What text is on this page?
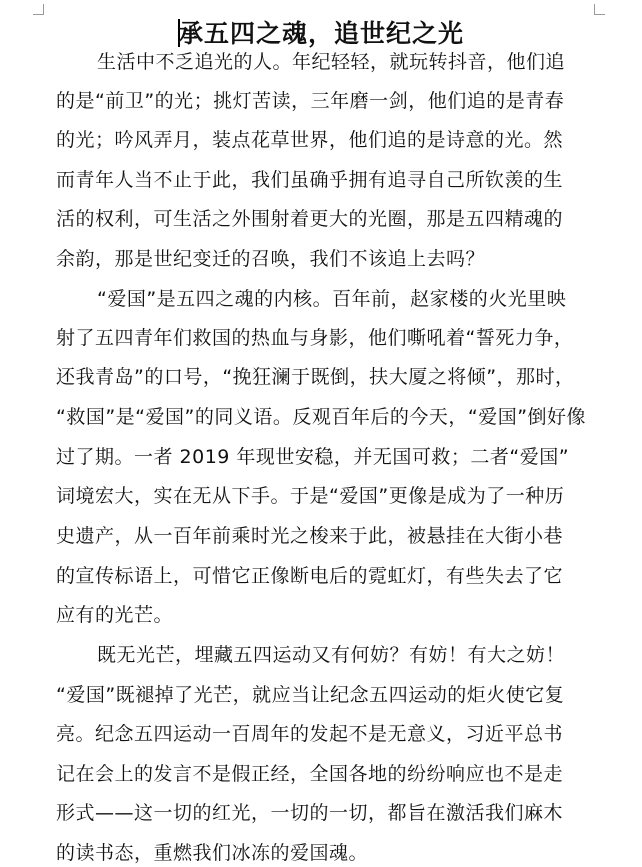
承五四之魂，追世纪之光
生活中不乏追光的人。年纪轻轻，就玩转抖音，他们追
的是“前卫”的光；挑灯苦读，三年磨一剑，他们追的是青春
的光；吟风弄月，装点花草世界，他们追的是诗意的光。然
而青年人当不止于此，我们虽确乎拥有追寻自己所钦羡的生
活的权利，可生活之外围射着更大的光圈，那是五四精魂的
余韵，那是世纪变迁的召唤，我们不该追上去吗？
“爱国”是五四之魂的内核。百年前，赵家楼的火光里映
射了五四青年们救国的热血与身影，他们嘶吼着“誓死力争，
还我青岛”的口号，“挽狂澜于既倒，扶大厦之将倾”，那时，
“救国”是“爱国”的同义语。反观百年后的今天，“爱国”倒好像
过了期。一者 2019 年现世安稳，并无国可救；二者“爱国”
词境宏大，实在无从下手。于是“爱国”更像是成为了一种历
史遗产，从一百年前乘时光之梭来于此，被悬挂在大街小巷
的宣传标语上，可惜它正像断电后的霓虹灯，有些失去了它
应有的光芒。
既无光芒，埋藏五四运动又有何妨？有妨！有大之妨！
“爱国”既褪掉了光芒，就应当让纪念五四运动的炬火使它复
亮。纪念五四运动一百周年的发起不是无意义，习近平总书
记在会上的发言不是假正经，全国各地的纷纷响应也不是走
形式——这一切的红光，一切的一切，都旨在激活我们麻木
的读书态，重燃我们冰冻的爱国魂。
